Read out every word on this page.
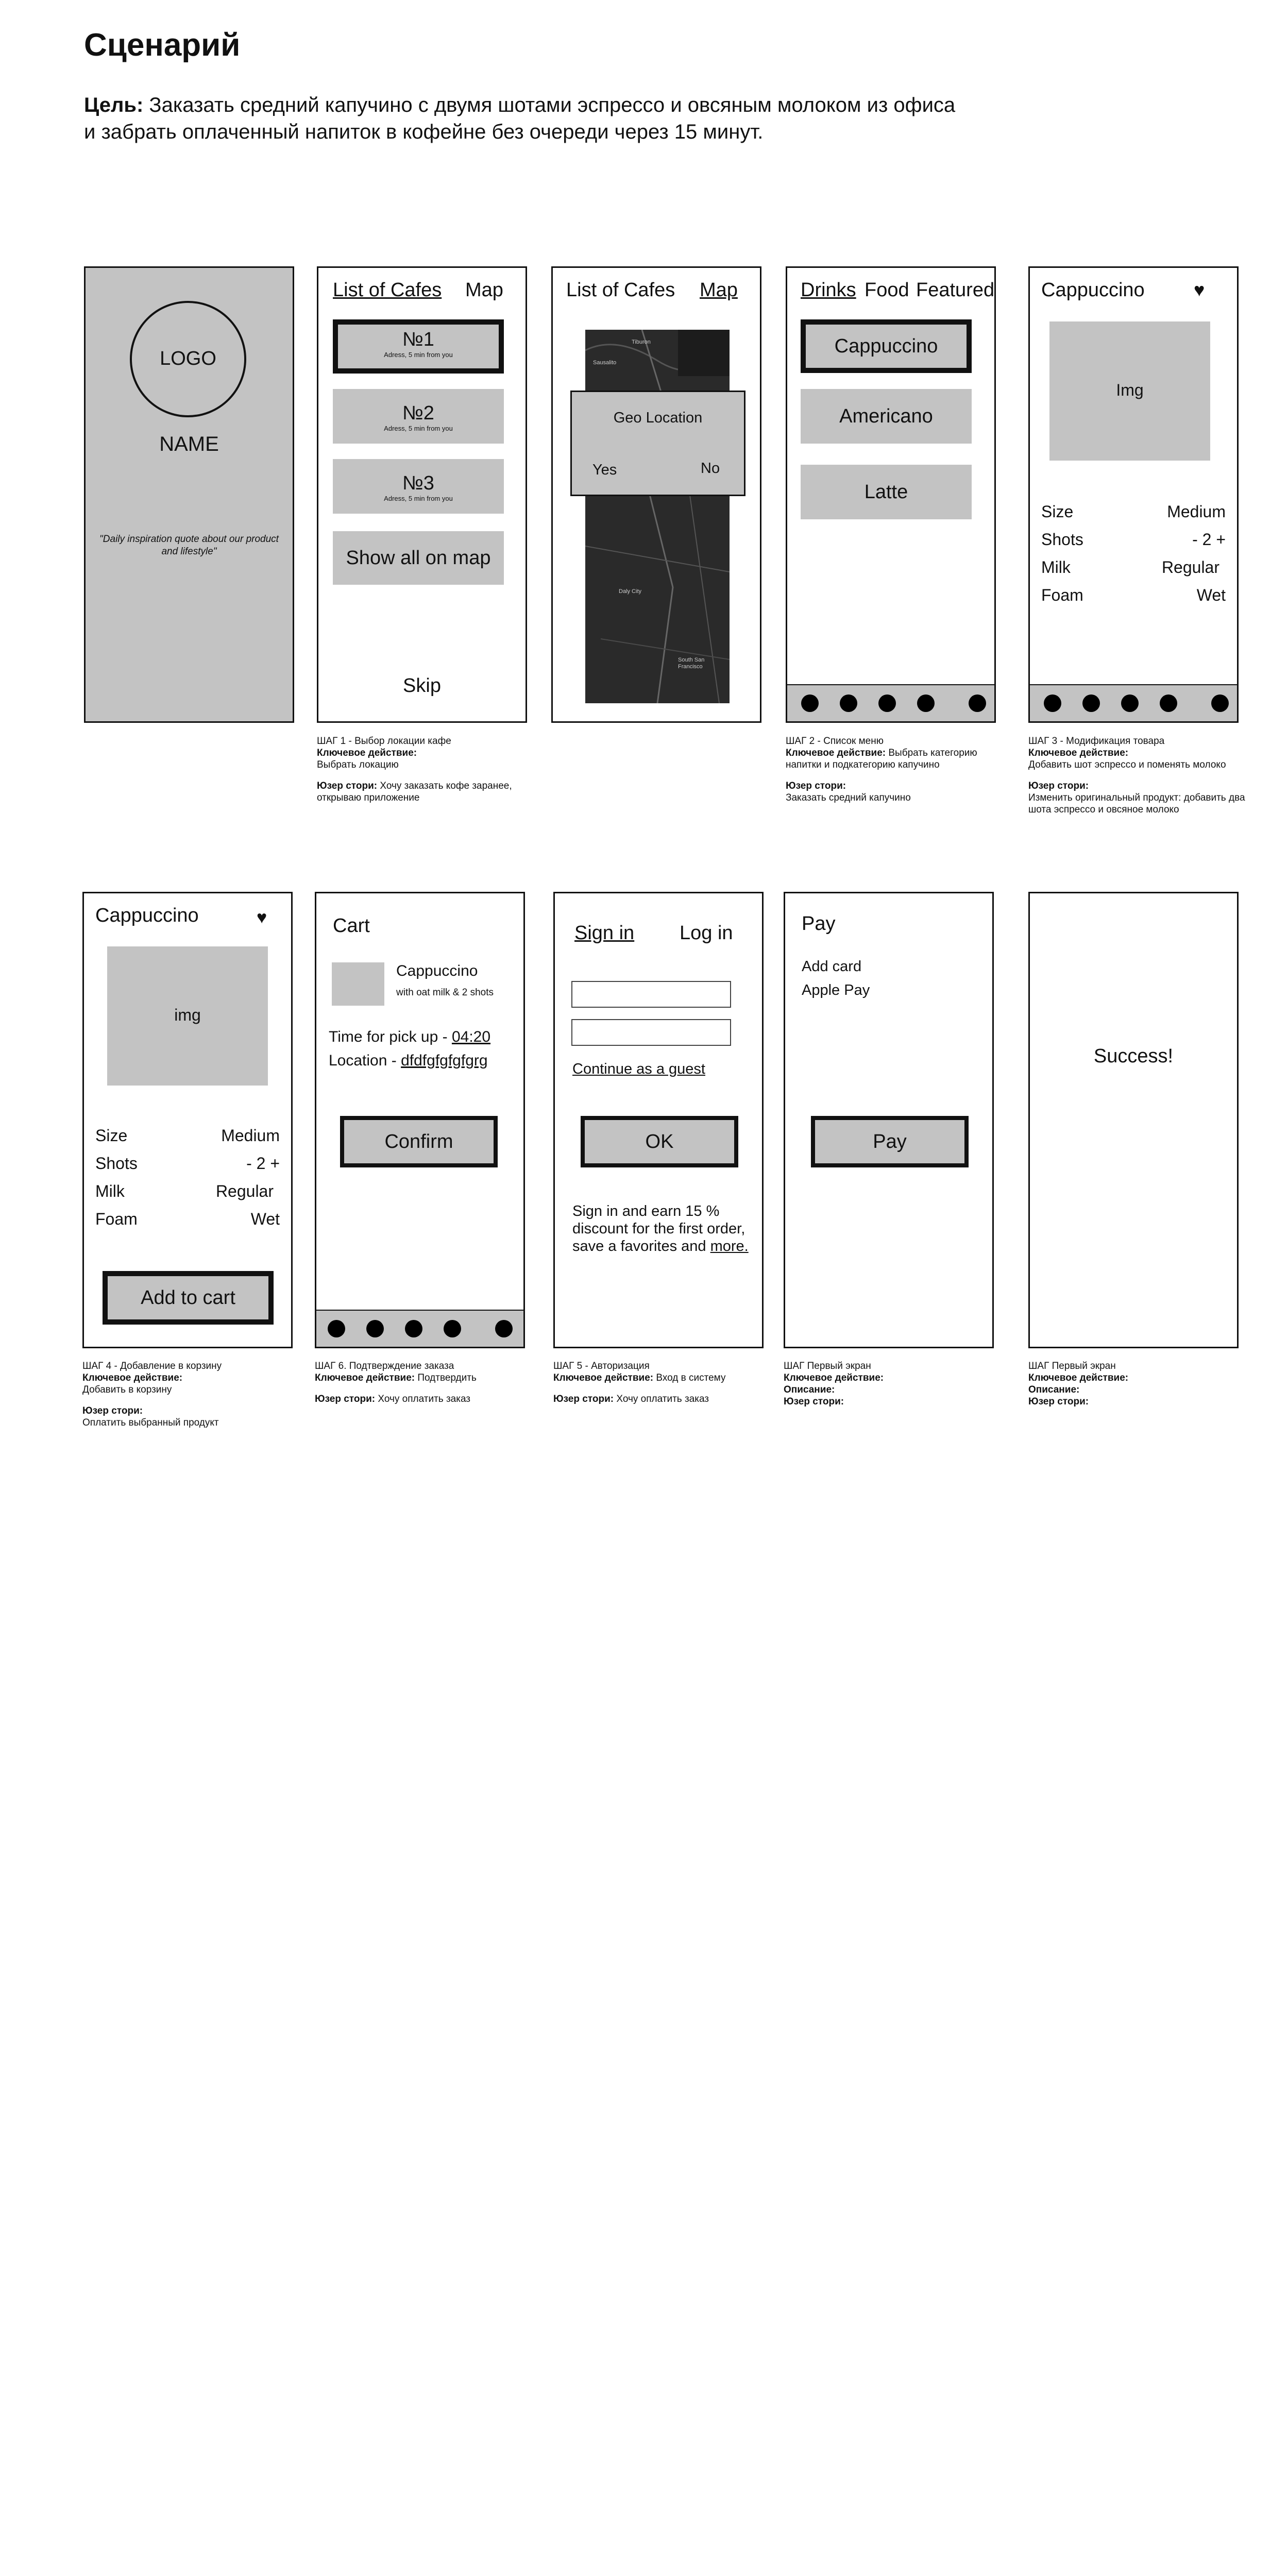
Сценарий
Цель: Заказать средний капучино с двумя шотами эспрессо и овсяным молоком из офиса и забрать оплаченный напиток в кофейне без очереди через 15 минут.
LOGO
NAME
"Daily inspiration quote about our product and lifestyle"
List of Cafes Map
№1
Adress, 5 min from you
№2
Adress, 5 min from you
№3
Adress, 5 min from you
Show all on map
Skip
List of Cafes Map
Sausalito
Tiburon
Daly City
South San Francisco
Geo Location
Yes	No
Drinks Food Featured
Cappuccino
Americano
Latte
Cappuccino	♥
Img
Size	Medium
Shots	- 2 +
Milk	Regular
Foam	Wet
ШАГ 1 - Выбор локации кафе
Ключевое действие:
Выбрать локацию
Юзер стори: Хочу заказать кофе заранее, открываю приложение
ШАГ 2 - Список меню
Ключевое действие: Выбрать категорию напитки и подкатегорию капучино
Юзер стори:
Заказать средний капучино
ШАГ 3 - Модификация товара
Ключевое действие:
Добавить шот эспрессо и поменять молоко
Юзер стори:
Изменить оригинальный продукт: добавить два шота эспрессо и овсяное молоко
Cappuccino	♥
img
Size	Medium
Shots	- 2 +
Milk	Regular
Foam	Wet
Add to cart
Cart
Cappuccino
with oat milk & 2 shots
Time for pick up - 04:20
Location - dfdfgfgfgfgrg
Confirm
Sign in Log in
Continue as a guest
OK
Sign in and earn 15 % discount for the first order, save a favorites and more.
Pay
Add card
Apple Pay
Pay
Success!
ШАГ 4 - Добавление в корзину
Ключевое действие:
Добавить в корзину
Юзер стори:
Оплатить выбранный продукт
ШАГ 6. Подтверждение заказа
Ключевое действие: Подтвердить
Юзер стори: Хочу оплатить заказ
ШАГ 5 - Авторизация
Ключевое действие: Вход в систему
Юзер стори: Хочу оплатить заказ
ШАГ Первый экран
Ключевое действие:
Описание:
Юзер стори:
ШАГ Первый экран
Ключевое действие:
Описание:
Юзер стори:
